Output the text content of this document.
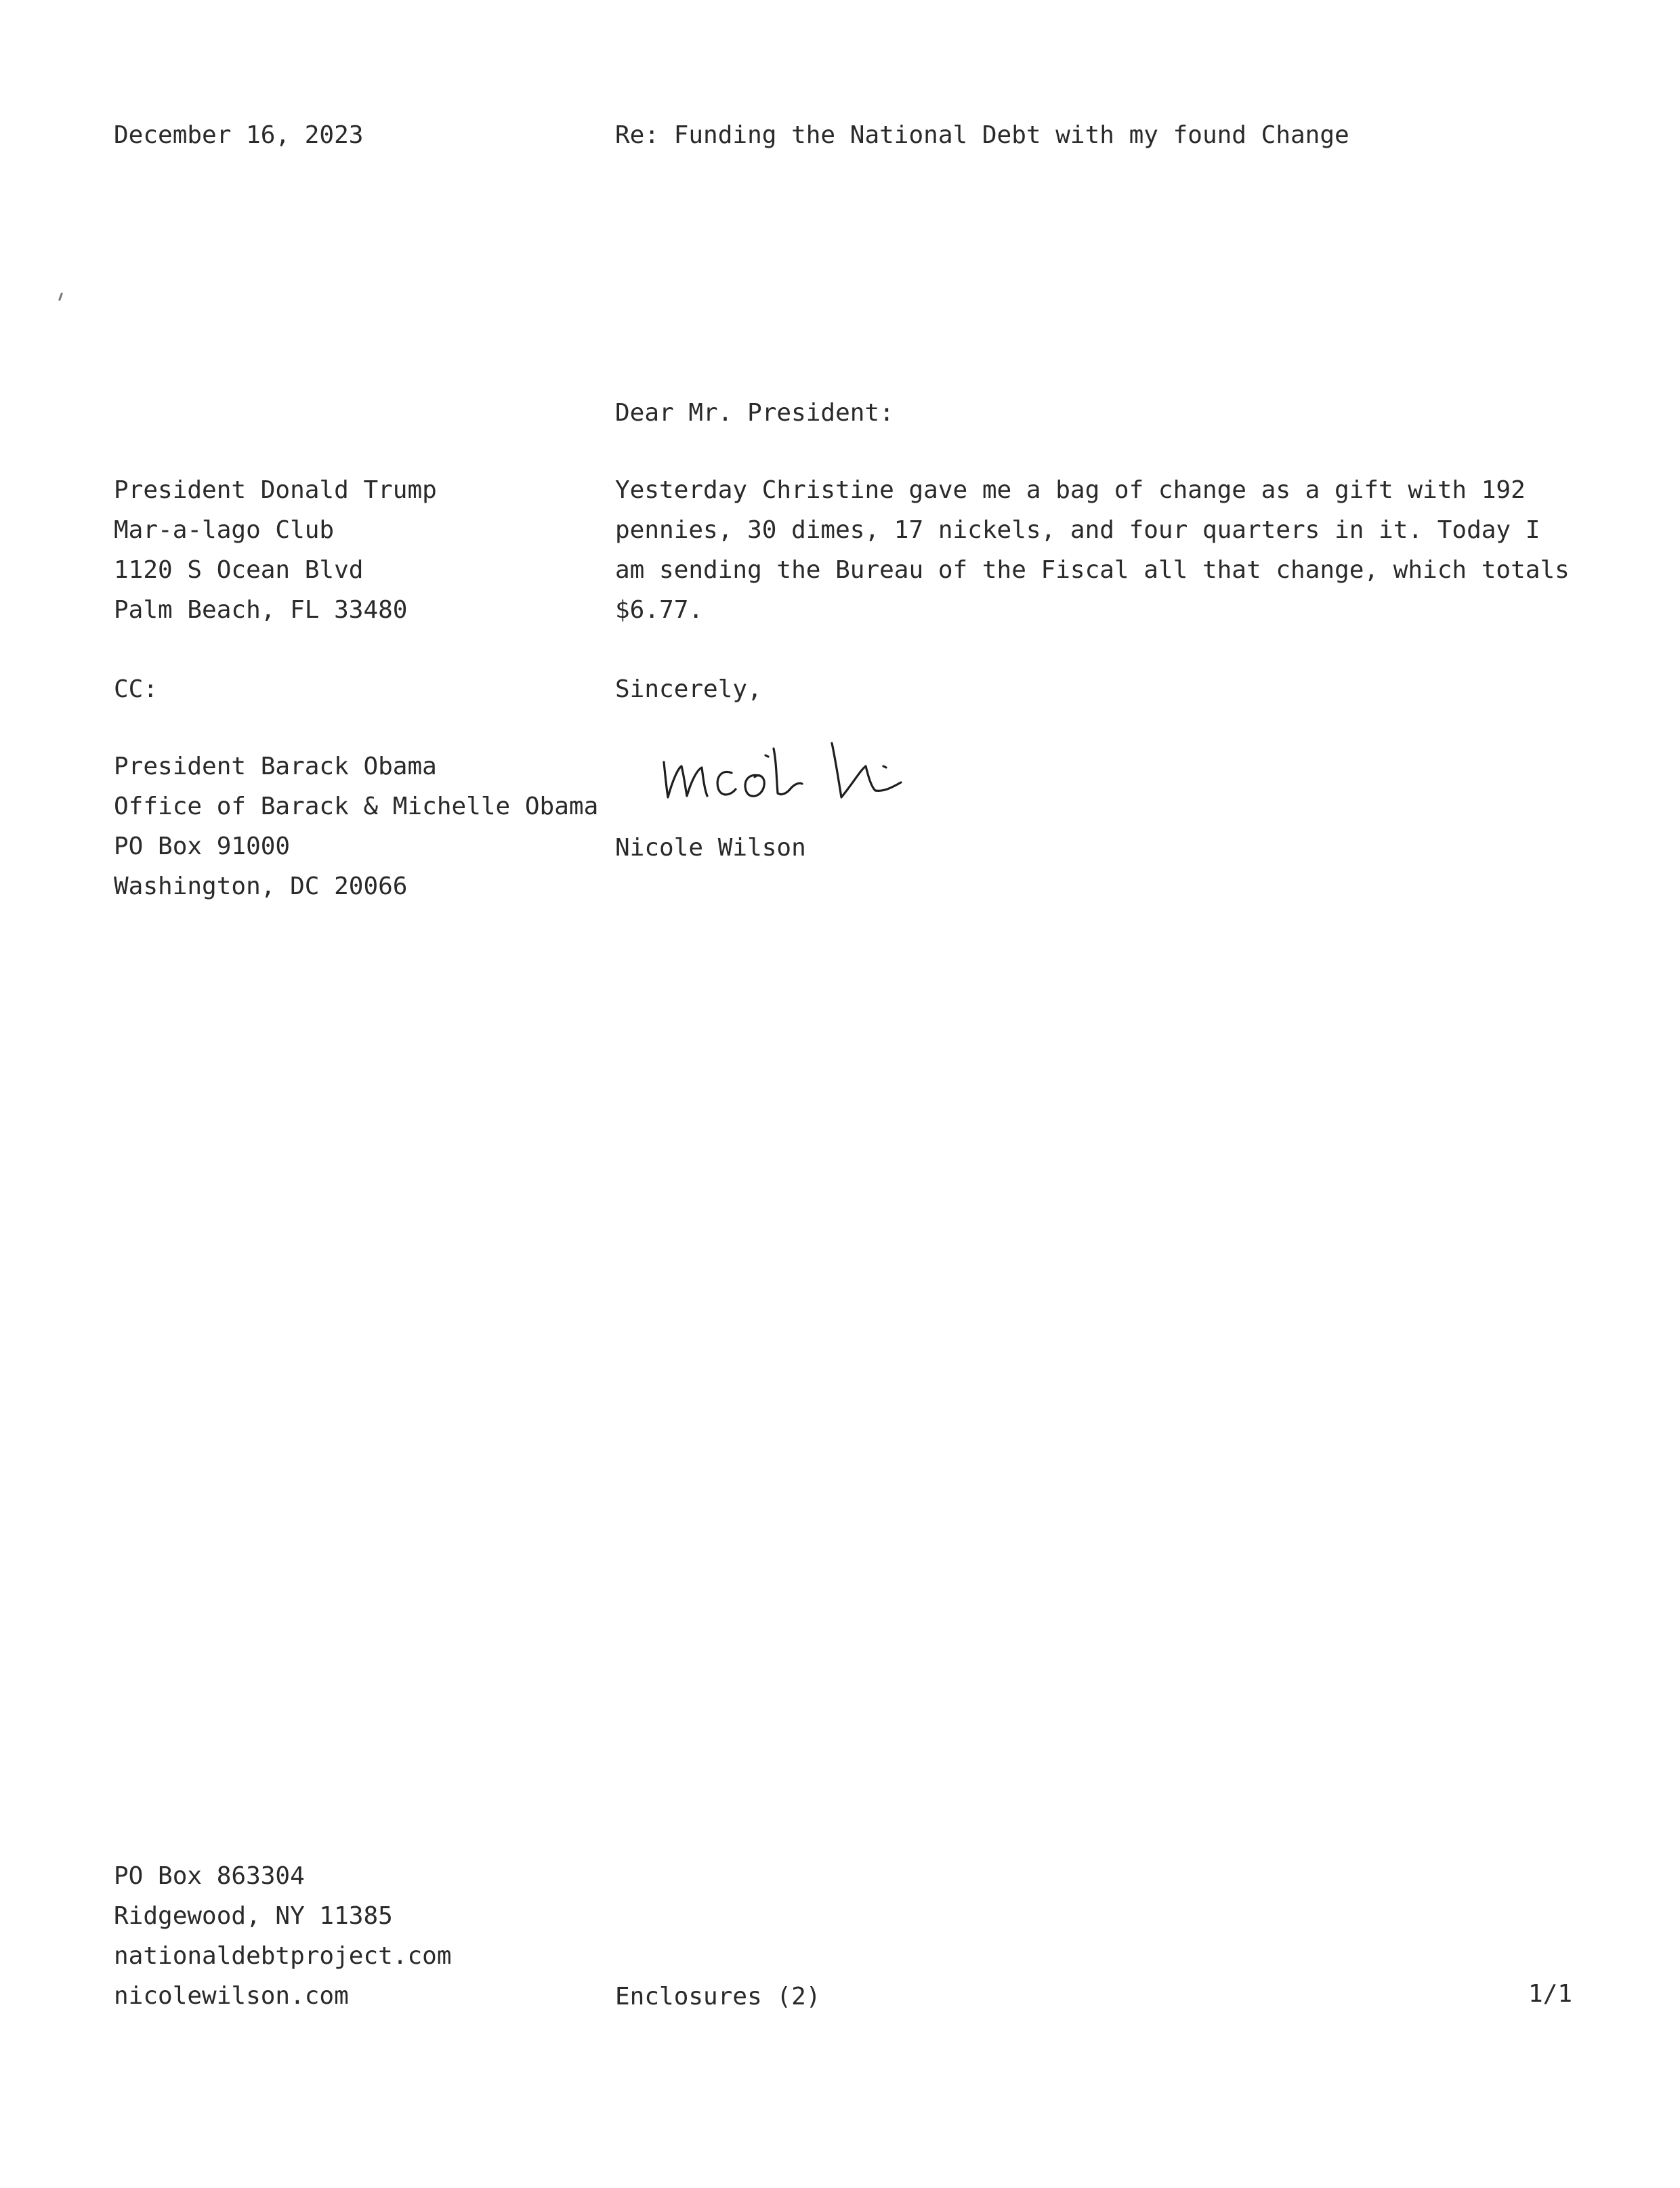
December 16, 2023	Re: Funding the National Debt with my found Change
Dear Mr. President:
President Donald Trump
Mar-a-lago Club
1120 S Ocean Blvd
Palm Beach, FL 33480
Yesterday Christine gave me a bag of change as a gift with 192
pennies, 30 dimes, 17 nickels, and four quarters in it. Today I
am sending the Bureau of the Fiscal all that change, which totals
$6.77.
CC:	Sincerely,
President Barack Obama
Office of Barack & Michelle Obama
PO Box 91000
Washington, DC 20066
Nicole Wilson
PO Box 863304
Ridgewood, NY 11385
nationaldebtproject.com
nicolewilson.com	Enclosures (2)	1/1
